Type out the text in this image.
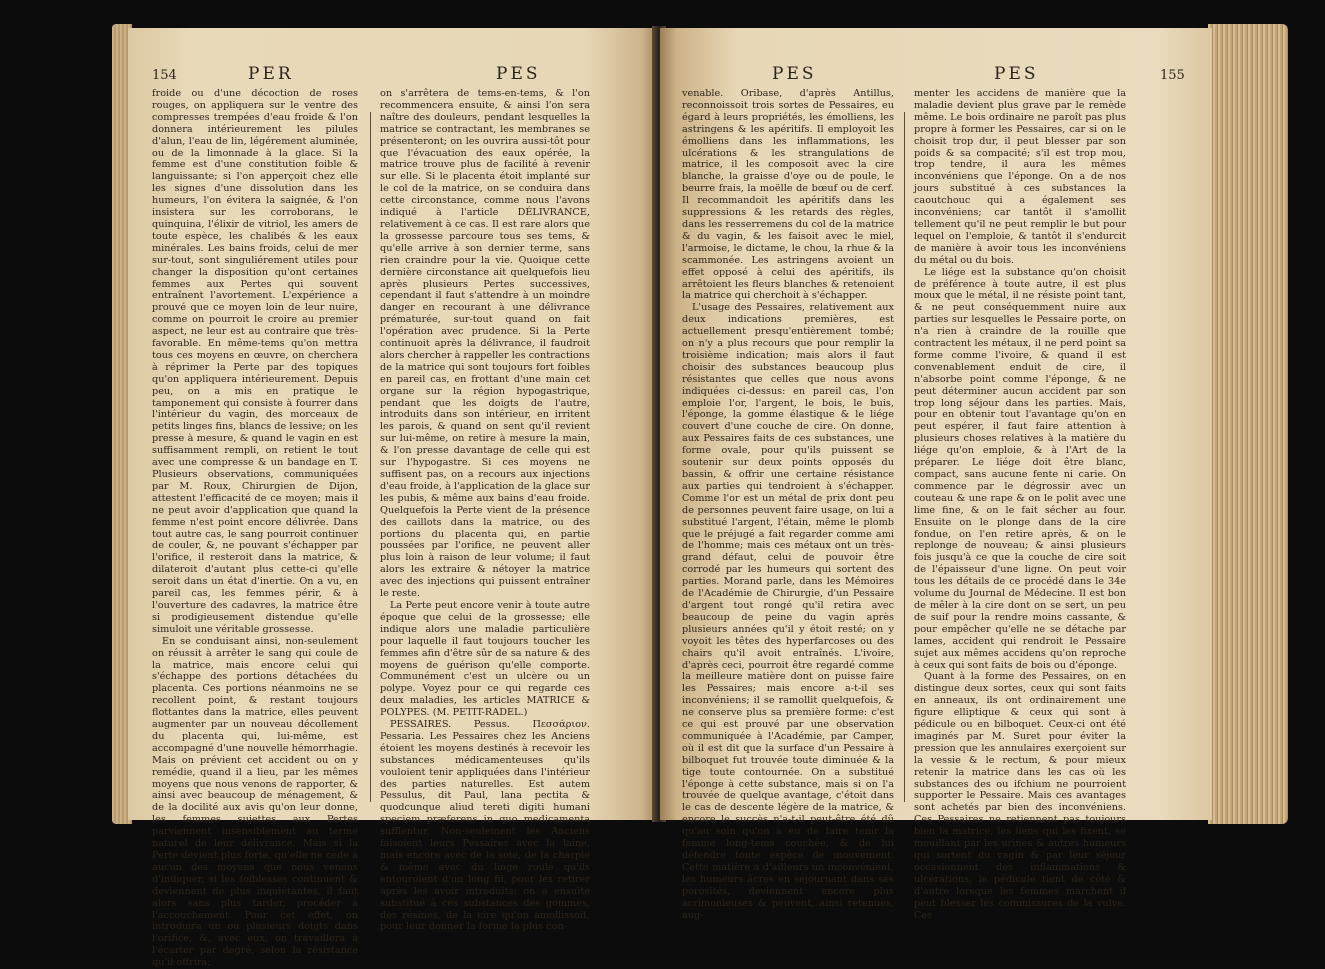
154	PER	PES

froide ou d'une décoction de roses rouges, on appliquera sur le ventre des compresses trempées d'eau froide & l'on donnera intérieurement les pilules d'alun, l'eau de lin, légérement aluminée, ou de la limonnade à la glace. Si la femme est d'une constitution foible & languissante; si l'on apperçoit chez elle les signes d'une dissolution dans les humeurs, l'on évitera la saignée, & l'on insistera sur les corroborans, le quinquina, l'élixir de vitriol, les amers de toute espèce, les chalibés & les eaux minérales. Les bains froids, celui de mer sur-tout, sont singuliérement utiles pour changer la disposition qu'ont certaines femmes aux Pertes qui souvent entraînent l'avortement. L'expérience a prouvé que ce moyen loin de leur nuire, comme on pourroit le croire au premier aspect, ne leur est au contraire que très-favorable. En même-tems qu'on mettra tous ces moyens en œuvre, on cherchera à réprimer la Perte par des topiques qu'on appliquera intérieurement. Depuis peu, on a mis en pratique le tamponement qui consiste à fourrer dans l'intérieur du vagin, des morceaux de petits linges fins, blancs de lessive; on les presse à mesure, & quand le vagin en est suffisamment rempli, on retient le tout avec une compresse & un bandage en T. Plusieurs observations, communiquées par M. Roux, Chirurgien de Dijon, attestent l'efficacité de ce moyen; mais il ne peut avoir d'application que quand la femme n'est point encore délivrée. Dans tout autre cas, le sang pourroit continuer de couler, &, ne pouvant s'échapper par l'orifice, il resteroit dans la matrice, & dilateroit d'autant plus cette-ci qu'elle seroit dans un état d'inertie. On a vu, en pareil cas, les femmes périr, & à l'ouverture des cadavres, la matrice être si prodigieusement distendue qu'elle simuloit une véritable grossesse.

En se conduisant ainsi, non-seulement on réussit à arrêter le sang qui coule de la matrice, mais encore celui qui s'échappe des portions détachées du placenta. Ces portions néanmoins ne se recollent point, & restant toujours flottantes dans la matrice, elles peuvent augmenter par un nouveau décollement du placenta qui, lui-même, est accompagné d'une nouvelle hémorrhagie. Mais on prévient cet accident ou on y remédie, quand il a lieu, par les mêmes moyens que nous venons de rapporter, & ainsi avec beaucoup de ménagement, & de la docilité aux avis qu'on leur donne, les femmes sujettes aux Pertes parviennent insensiblement au terme naturel de leur délivrance. Mais si la Perte devient plus forte, qu'elle ne cède à aucun des moyens que nous venons d'indiquer, si les foiblesses continuent & deviennent de plus inquiétantes, il faut alors sans plus tarder, procéder à l'accouchement. Pour cet effet, on introduira un ou plusieurs doigts dans l'orifice, &, avec eux, on travaillera à l'écarter par degré, selon la résistance qu'il offrira;

on s'arrêtera de tems-en-tems, & l'on recommencera ensuite, & ainsi l'on sera naître des douleurs, pendant lesquelles la matrice se contractant, les membranes se présenteront; on les ouvrira aussi-tôt pour que l'évacuation des eaux opérée, la matrice trouve plus de facilité à revenir sur elle. Si le placenta étoit implanté sur le col de la matrice, on se conduira dans cette circonstance, comme nous l'avons indiqué à l'article DÉLIVRANCE, relativement à ce cas. Il est rare alors que la grossesse parcoure tous ses tems, & qu'elle arrive à son dernier terme, sans rien craindre pour la vie. Quoique cette dernière circonstance ait quelquefois lieu après plusieurs Pertes successives, cependant il faut s'attendre à un moindre danger en recourant à une délivrance prématurée, sur-tout quand on fait l'opération avec prudence. Si la Perte continuoit après la délivrance, il faudroit alors chercher à rappeller les contractions de la matrice qui sont toujours fort foibles en pareil cas, en frottant d'une main cet organe sur la région hypogastrique, pendant que les doigts de l'autre, introduits dans son intérieur, en irritent les parois, & quand on sent qu'il revient sur lui-même, on retire à mesure la main, & l'on presse davantage de celle qui est sur l'hypogastre. Si ces moyens ne suffisent pas, on a recours aux injections d'eau froide, à l'application de la glace sur les pubis, & même aux bains d'eau froide. Quelquefois la Perte vient de la présence des caillots dans la matrice, ou des portions du placenta qui, en partie poussées par l'orifice, ne peuvent aller plus loin à raison de leur volume; il faut alors les extraire & nétoyer la matrice avec des injections qui puissent entraîner le reste.

La Perte peut encore venir à toute autre époque que celui de la grossesse; elle indique alors une maladie particulière pour laquelle il faut toujours toucher les femmes afin d'être sûr de sa nature & des moyens de guérison qu'elle comporte. Communément c'est un ulcère ou un polype. Voyez pour ce qui regarde ces deux maladies, les articles MATRICE & POLYPES. (M. PETIT-RADEL.)

PESSAIRES. Pessus. Πεσσάριον. Pessaria. Les Pessaires chez les Anciens étoient les moyens destinés à recevoir les substances médicamenteuses qu'ils vouloient tenir appliquées dans l'intérieur des parties naturelles. Est autem Pessulus, dit Paul, lana pectita & quodcunque aliud tereti digiti humani speciem præferens in quo medicamenta sufflentur. Non-seulement les Anciens faisoient leurs Pessaires avec la laine, mais encore avec de la soie, de la charpie & même avec du linge roulé qu'ils entouroient d'un long fil, pour les retirer après les avoir introduits; on a ensuite substitué à ces substances des gommes, des résines, de la cire qu'on amollissoit, pour leur donner la forme la plus con-

PES	PES	155

venable. Oribase, d'après Antillus, reconnoissoit trois sortes de Pessaires, eu égard à leurs propriétés, les émolliens, les astringens & les apéritifs. Il employoit les émolliens dans les inflammations, les ulcérations & les strangulations de matrice, il les composoit avec la cire blanche, la graisse d'oye ou de poule, le beurre frais, la moëlle de bœuf ou de cerf. Il recommandoit les apéritifs dans les suppressions & les retards des règles, dans les resserremens du col de la matrice & du vagin, & les faisoit avec le miel, l'armoise, le dictame, le chou, la rhue & la scammonée. Les astringens avoient un effet opposé à celui des apéritifs, ils arrêtoient les fleurs blanches & retenoient la matrice qui cherchoit à s'échapper.

L'usage des Pessaires, relativement aux deux indications premières, est actuellement presqu'entièrement tombé; on n'y a plus recours que pour remplir la troisième indication; mais alors il faut choisir des substances beaucoup plus résistantes que celles que nous avons indiquées ci-dessus: en pareil cas, l'on emploie l'or, l'argent, le bois, le buis, l'éponge, la gomme élastique & le liége couvert d'une couche de cire. On donne, aux Pessaires faits de ces substances, une forme ovale, pour qu'ils puissent se soutenir sur deux points opposés du bassin, & offrir une certaine résistance aux parties qui tendroient à s'échapper. Comme l'or est un métal de prix dont peu de personnes peuvent faire usage, on lui a substitué l'argent, l'étain, même le plomb que le préjugé a fait regarder comme ami de l'homme; mais ces métaux ont un très-grand défaut, celui de pouvoir être corrodé par les humeurs qui sortent des parties. Morand parle, dans les Mémoires de l'Académie de Chirurgie, d'un Pessaire d'argent tout rongé qu'il retira avec beaucoup de peine du vagin après plusieurs années qu'il y étoit resté; on y voyoit les têtes des hyperfarcoses ou des chairs qu'il avoit entraînés. L'ivoire, d'après ceci, pourroit être regardé comme la meilleure matière dont on puisse faire les Pessaires; mais encore a-t-il ses inconvéniens; il se ramollit quelquefois, & ne conserve plus sa première forme: c'est ce qui est prouvé par une observation communiquée à l'Académie, par Camper, où il est dit que la surface d'un Pessaire à bilboquet fut trouvée toute diminuée & la tige toute contournée. On a substitué l'éponge à cette substance, mais si on l'a trouvée de quelque avantage, c'étoit dans le cas de descente légère de la matrice, & encore le succès n'a-t-il peut-être été dû qu'au soin qu'on a eu de faire tenir la femme long-tems couchée, & de lui défendre toute espèce de mouvement. Cette matière a d'ailleurs un inconvénient, les humeurs âcres en séjournant dans ses porosités, deviennent encore plus acrimonieuses & peuvent, ainsi retenues, aug-

menter les accidens de manière que la maladie devient plus grave par le remède même. Le bois ordinaire ne paroît pas plus propre à former les Pessaires, car si on le choisit trop dur, il peut blesser par son poids & sa compacité; s'il est trop mou, trop tendre, il aura les mêmes inconvéniens que l'éponge. On a de nos jours substitué à ces substances la caoutchouc qui a également ses inconvéniens; car tantôt il s'amollit tellement qu'il ne peut remplir le but pour lequel on l'emploie, & tantôt il s'endurcit de manière à avoir tous les inconvéniens du métal ou du bois.

Le liége est la substance qu'on choisit de préférence à toute autre, il est plus moux que le métal, il ne résiste point tant, & ne peut conséquemment nuire aux parties sur lesquelles le Pessaire porte, on n'a rien à craindre de la rouille que contractent les métaux, il ne perd point sa forme comme l'ivoire, & quand il est convenablement enduit de cire, il n'absorbe point comme l'éponge, & ne peut déterminer aucun accident par son trop long séjour dans les parties. Mais, pour en obtenir tout l'avantage qu'on en peut espérer, il faut faire attention à plusieurs choses relatives à la matière du liége qu'on emploie, & à l'Art de la préparer. Le liége doit être blanc, compact, sans aucune fente ni carie. On commence par le dégrossir avec un couteau & une rape & on le polit avec une lime fine, & on le fait sécher au four. Ensuite on le plonge dans de la cire fondue, on l'en retire après, & on le replonge de nouveau; & ainsi plusieurs fois jusqu'à ce que la couche de cire soit de l'épaisseur d'une ligne. On peut voir tous les détails de ce procédé dans le 34e volume du Journal de Médecine. Il est bon de mêler à la cire dont on se sert, un peu de suif pour la rendre moins cassante, & pour empêcher qu'elle ne se détache par lames, accident qui rendroit le Pessaire sujet aux mêmes accidens qu'on reproche à ceux qui sont faits de bois ou d'éponge.

Quant à la forme des Pessaires, on en distingue deux sortes, ceux qui sont faits en anneaux, ils ont ordinairement une figure elliptique & ceux qui sont à pédicule ou en bilboquet. Ceux-ci ont été imaginés par M. Suret pour éviter la pression que les annulaires exerçoient sur la vessie & le rectum, & pour mieux retenir la matrice dans les cas où les substances des ou ifchium ne pourroient supporter le Pessaire. Mais ces avantages sont achetés par bien des inconvéniens. Ces Pessaires ne retiennent pas toujours bien la matrice, les liens qui les fixent, se mouillant par les urines & autres humeurs qui sortent du vagin & par leur séjour occasionnent des inflammations & ulcérations, le pédicule tient de côté & d'autre lorsque les femmes marchent il peut blesser les commissures de la vulve. Ces
